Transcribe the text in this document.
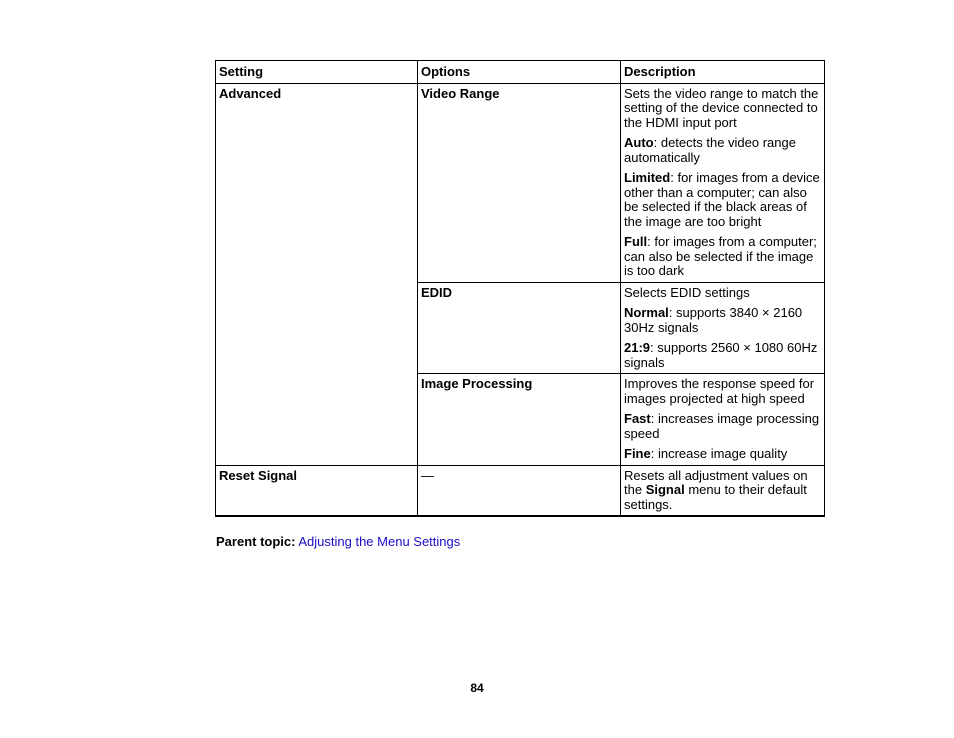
Setting	Options	Description
Advanced	Video Range	Sets the video range to match the setting of the device connected to the HDMI input port
Auto: detects the video range automatically
Limited: for images from a device other than a computer; can also be selected if the black areas of the image are too bright
Full: for images from a computer; can also be selected if the image is too dark

	EDID	Selects EDID settings
Normal: supports 3840 × 2160 30Hz signals
21:9: supports 2560 × 1080 60Hz signals

	Image Processing	Improves the response speed for images projected at high speed
Fast: increases image processing speed
Fine: increase image quality

Reset Signal	—	Resets all adjustment values on the Signal menu to their default settings.
Parent topic: Adjusting the Menu Settings
84
